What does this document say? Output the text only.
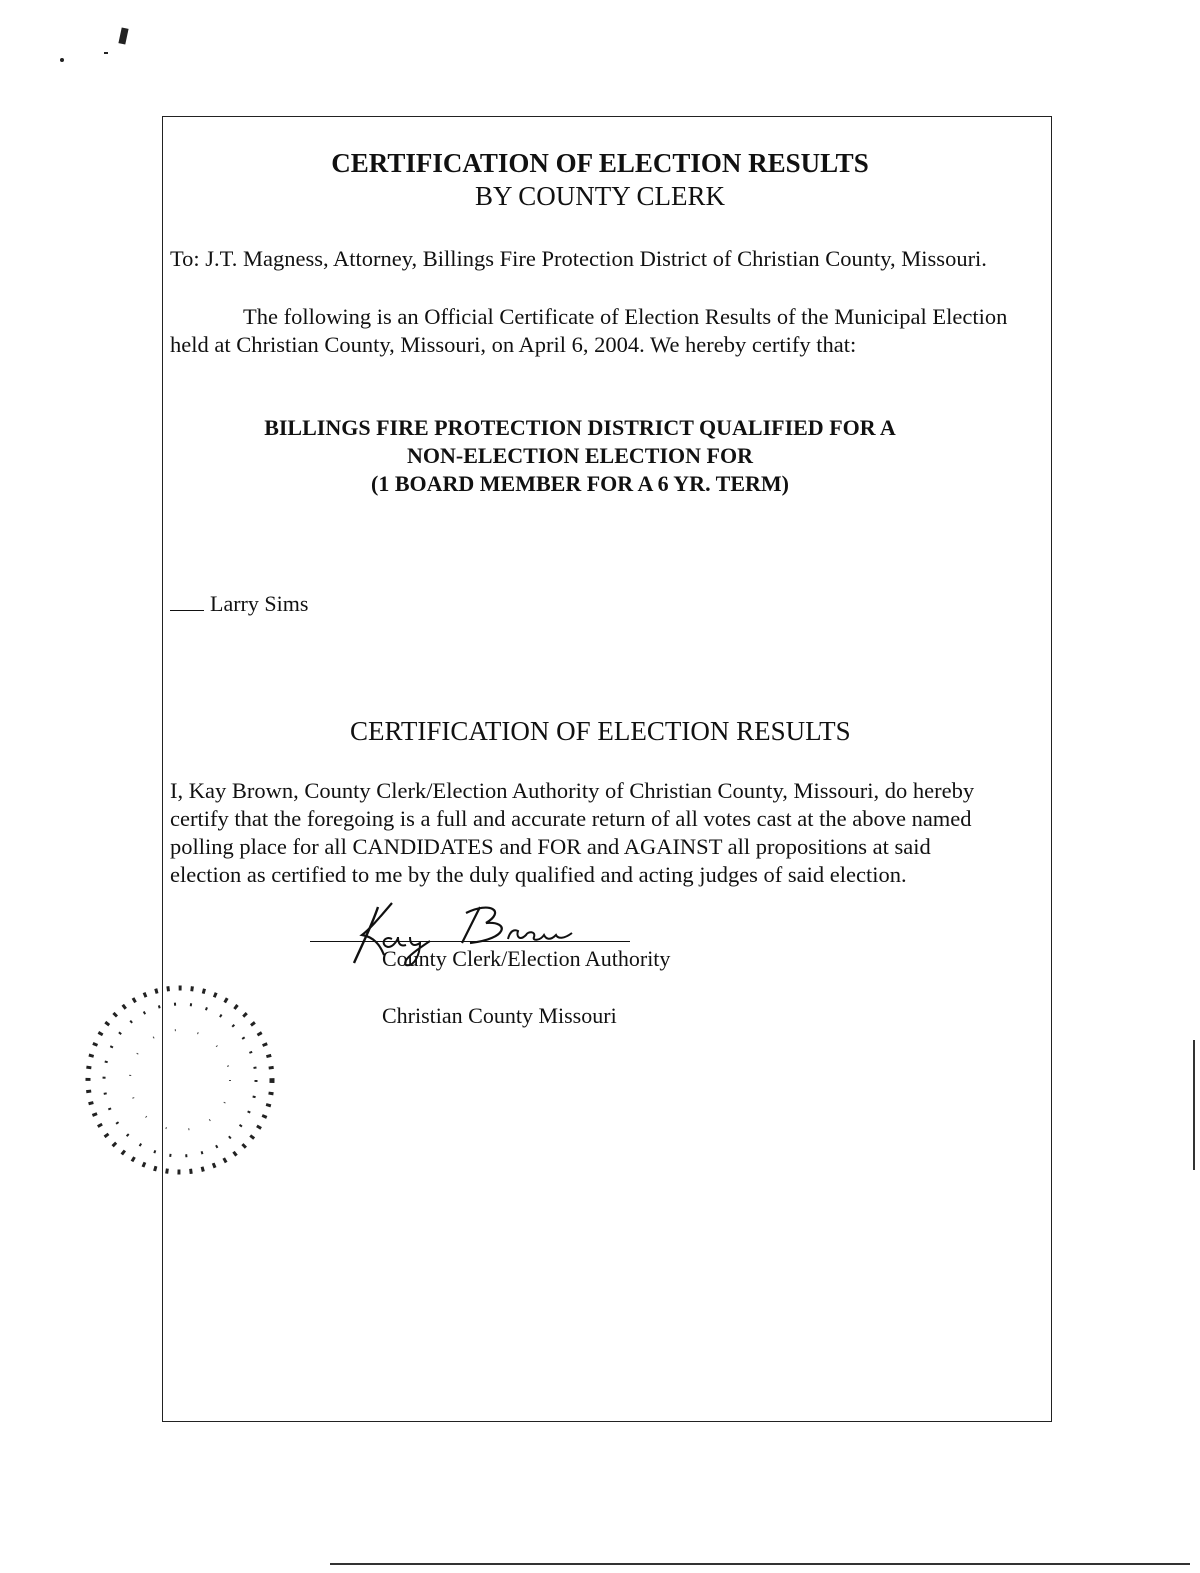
CERTIFICATION OF ELECTION RESULTS
BY COUNTY CLERK
To: J.T. Magness, Attorney, Billings Fire Protection District of Christian County, Missouri.
The following is an Official Certificate of Election Results of the Municipal Election
held at Christian County, Missouri, on April 6, 2004. We hereby certify that:
BILLINGS FIRE PROTECTION DISTRICT QUALIFIED FOR A
NON-ELECTION ELECTION FOR
(1 BOARD MEMBER FOR A 6 YR. TERM)
Larry Sims
CERTIFICATION OF ELECTION RESULTS
I, Kay Brown, County Clerk/Election Authority of Christian County, Missouri, do hereby
certify that the foregoing is a full and accurate return of all votes cast at the above named
polling place for all CANDIDATES and FOR and AGAINST all propositions at said
election as certified to me by the duly qualified and acting judges of said election.
County Clerk/Election Authority
Christian County Missouri
